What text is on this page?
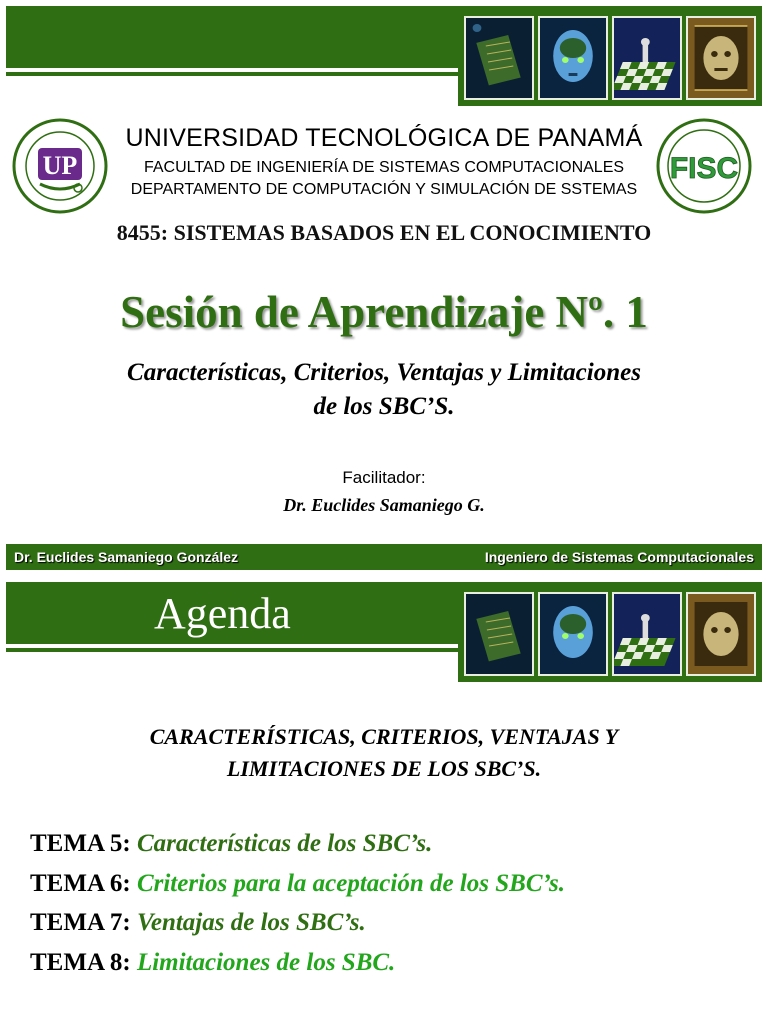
UP
UNIVERSIDAD TECNOLÓGICA DE PANAMÁ
FACULTAD DE INGENIERÍA DE SISTEMAS COMPUTACIONALES
DEPARTAMENTO DE COMPUTACIÓN Y SIMULACIÓN DE SSTEMAS
FISC
8455: SISTEMAS BASADOS EN EL CONOCIMIENTO
Sesión de Aprendizaje Nº. 1
Características, Criterios, Ventajas y Limitaciones
de los SBC’S.
Facilitador:
Dr. Euclides Samaniego G.
Dr. Euclides Samaniego González	Ingeniero de Sistemas Computacionales
Agenda
CARACTERÍSTICAS, CRITERIOS, VENTAJAS Y
LIMITACIONES DE LOS SBC’S.
TEMA 5: Características de los SBC’s.
TEMA 6: Criterios para la aceptación de los SBC’s.
TEMA 7: Ventajas de los SBC’s.
TEMA 8: Limitaciones de los SBC.
